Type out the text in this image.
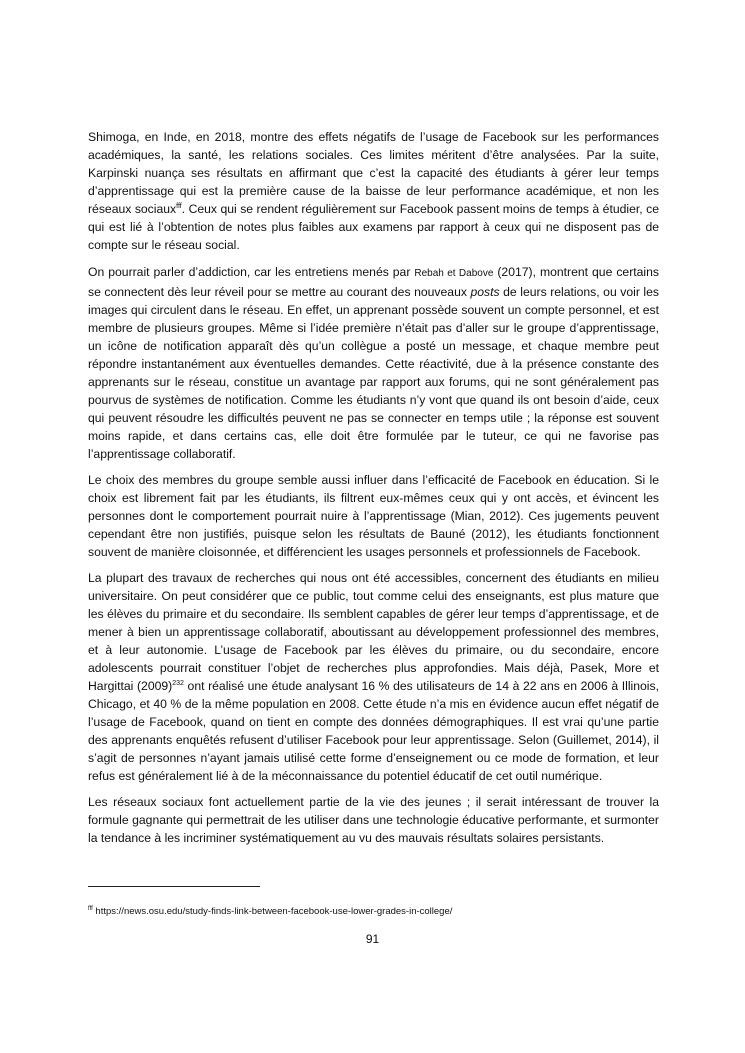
Shimoga, en Inde, en 2018, montre des effets négatifs de l’usage de Facebook sur les performances académiques, la santé, les relations sociales. Ces limites méritent d’être analysées. Par la suite, Karpinski nuança ses résultats en affirmant que c’est la capacité des étudiants à gérer leur temps d’apprentissage qui est la première cause de la baisse de leur performance académique, et non les réseaux sociaux$^{fff}$. Ceux qui se rendent régulièrement sur Facebook passent moins de temps à étudier, ce qui est lié à l’obtention de notes plus faibles aux examens par rapport à ceux qui ne disposent pas de compte sur le réseau social.

On pourrait parler d’addiction, car les entretiens menés par Rebah et Dabove (2017), montrent que certains se connectent dès leur réveil pour se mettre au courant des nouveaux posts de leurs relations, ou voir les images qui circulent dans le réseau. En effet, un apprenant possède souvent un compte personnel, et est membre de plusieurs groupes. Même si l’idée première n’était pas d’aller sur le groupe d’apprentissage, un icône de notification apparaît dès qu’un collègue a posté un message, et chaque membre peut répondre instantanément aux éventuelles demandes. Cette réactivité, due à la présence constante des apprenants sur le réseau, constitue un avantage par rapport aux forums, qui ne sont généralement pas pourvus de systèmes de notification. Comme les étudiants n’y vont que quand ils ont besoin d’aide, ceux qui peuvent résoudre les difficultés peuvent ne pas se connecter en temps utile ; la réponse est souvent moins rapide, et dans certains cas, elle doit être formulée par le tuteur, ce qui ne favorise pas l’apprentissage collaboratif.

Le choix des membres du groupe semble aussi influer dans l’efficacité de Facebook en éducation. Si le choix est librement fait par les étudiants, ils filtrent eux-mêmes ceux qui y ont accès, et évincent les personnes dont le comportement pourrait nuire à l’apprentissage (Mian, 2012). Ces jugements peuvent cependant être non justifiés, puisque selon les résultats de Bauné (2012), les étudiants fonctionnent souvent de manière cloisonnée, et différencient les usages personnels et professionnels de Facebook.

La plupart des travaux de recherches qui nous ont été accessibles, concernent des étudiants en milieu universitaire. On peut considérer que ce public, tout comme celui des enseignants, est plus mature que les élèves du primaire et du secondaire. Ils semblent capables de gérer leur temps d’apprentissage, et de mener à bien un apprentissage collaboratif, aboutissant au développement professionnel des membres, et à leur autonomie. L’usage de Facebook par les élèves du primaire, ou du secondaire, encore adolescents pourrait constituer l’objet de recherches plus approfondies. Mais déjà, Pasek, More et Hargittai $(2009)^{232}$ ont réalisé une étude analysant 16 % des utilisateurs de 14 à 22 ans en 2006 à Illinois, Chicago, et 40 % de la même population en 2008. Cette étude n’a mis en évidence aucun effet négatif de l’usage de Facebook, quand on tient en compte des données démographiques. Il est vrai qu’une partie des apprenants enquêtés refusent d’utiliser Facebook pour leur apprentissage. Selon (Guillemet, 2014), il s’agit de personnes n’ayant jamais utilisé cette forme d’enseignement ou ce mode de formation, et leur refus est généralement lié à de la méconnaissance du potentiel éducatif de cet outil numérique.

Les réseaux sociaux font actuellement partie de la vie des jeunes ; il serait intéressant de trouver la formule gagnante qui permettrait de les utiliser dans une technologie éducative performante, et surmonter la tendance à les incriminer systématiquement au vu des mauvais résultats solaires persistants.

$^{fff}$ https://news.osu.edu/study-finds-link-between-facebook-use-lower-grades-in-college/
91
